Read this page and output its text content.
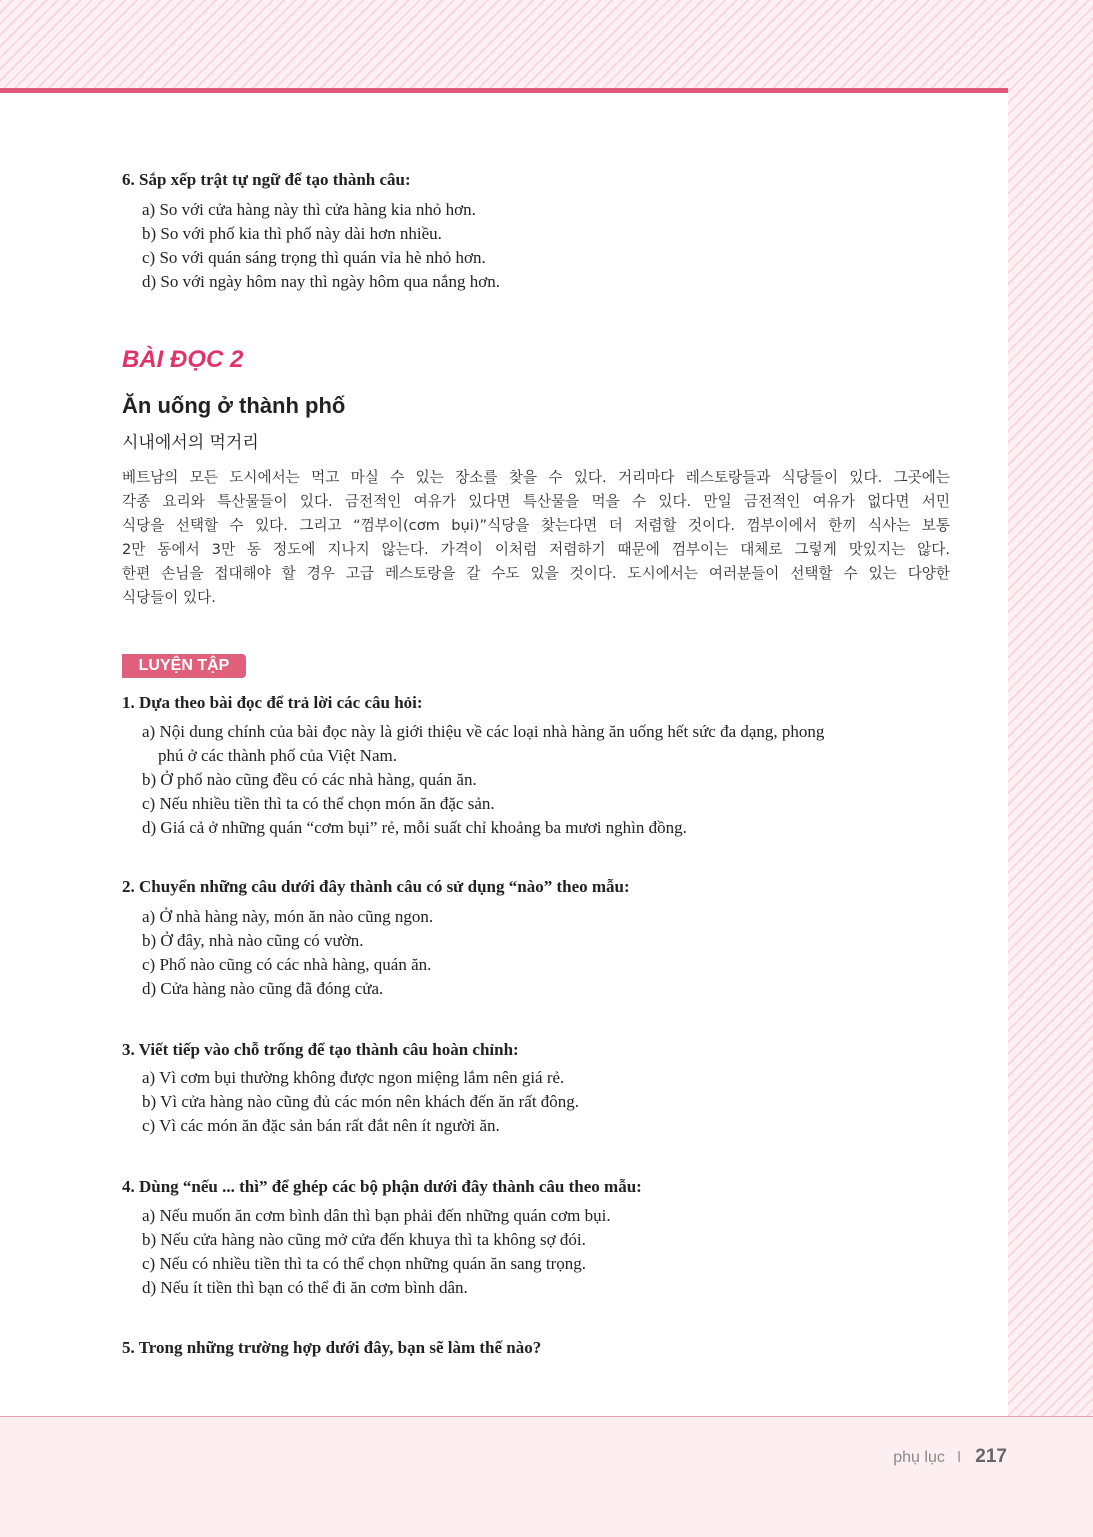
6. Sắp xếp trật tự ngữ để tạo thành câu:
a) So với cửa hàng này thì cửa hàng kia nhỏ hơn.
b) So với phố kia thì phố này dài hơn nhiều.
c) So với quán sáng trọng thì quán vỉa hè nhỏ hơn.
d) So với ngày hôm nay thì ngày hôm qua nắng hơn.
BÀI ĐỌC 2
Ăn uống ở thành phố
시내에서의 먹거리
베트남의 모든 도시에서는 먹고 마실 수 있는 장소를 찾을 수 있다. 거리마다 레스토랑들과 식당들이 있다. 그곳에는
각종 요리와 특산물들이 있다. 금전적인 여유가 있다면 특산물을 먹을 수 있다. 만일 금전적인 여유가 없다면 서민
식당을 선택할 수 있다. 그리고 “껌부이(cơm bụi)”식당을 찾는다면 더 저렴할 것이다. 껌부이에서 한끼 식사는 보통
2만 동에서 3만 동 정도에 지나지 않는다. 가격이 이처럼 저렴하기 때문에 껌부이는 대체로 그렇게 맛있지는 않다.
한편 손님을 접대해야 할 경우 고급 레스토랑을 갈 수도 있을 것이다. 도시에서는 여러분들이 선택할 수 있는 다양한
식당들이 있다.
LUYỆN TẬP
1. Dựa theo bài đọc để trả lời các câu hỏi:
a) Nội dung chính của bài đọc này là giới thiệu về các loại nhà hàng ăn uống hết sức đa dạng, phong
phú ở các thành phố của Việt Nam.
b) Ở phố nào cũng đều có các nhà hàng, quán ăn.
c) Nếu nhiều tiền thì ta có thể chọn món ăn đặc sản.
d) Giá cả ở những quán “cơm bụi” rẻ, mỗi suất chỉ khoảng ba mươi nghìn đồng.
2. Chuyển những câu dưới đây thành câu có sử dụng “nào” theo mẫu:
a) Ở nhà hàng này, món ăn nào cũng ngon.
b) Ở đây, nhà nào cũng có vườn.
c) Phố nào cũng có các nhà hàng, quán ăn.
d) Cửa hàng nào cũng đã đóng cửa.
3. Viết tiếp vào chỗ trống để tạo thành câu hoàn chỉnh:
a) Vì cơm bụi thường không được ngon miệng lắm nên giá rẻ.
b) Vì cửa hàng nào cũng đủ các món nên khách đến ăn rất đông.
c) Vì các món ăn đặc sản bán rất đắt nên ít người ăn.
4. Dùng “nếu ... thì” để ghép các bộ phận dưới đây thành câu theo mẫu:
a) Nếu muốn ăn cơm bình dân thì bạn phải đến những quán cơm bụi.
b) Nếu cửa hàng nào cũng mở cửa đến khuya thì ta không sợ đói.
c) Nếu có nhiều tiền thì ta có thể chọn những quán ăn sang trọng.
d) Nếu ít tiền thì bạn có thể đi ăn cơm bình dân.
5. Trong những trường hợp dưới đây, bạn sẽ làm thế nào?
phụ lục I 217
